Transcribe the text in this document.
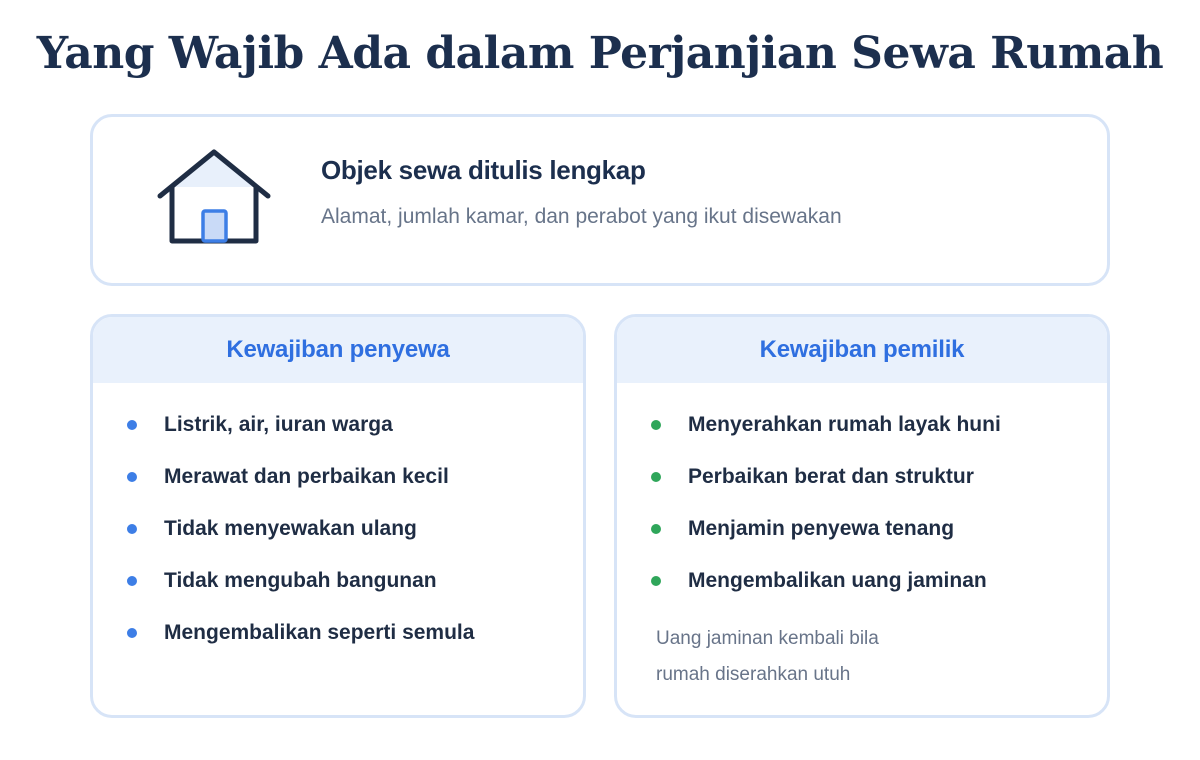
Yang Wajib Ada dalam Perjanjian Sewa Rumah
Objek sewa ditulis lengkap
Alamat, jumlah kamar, dan perabot yang ikut disewakan
Kewajiban penyewa
Listrik, air, iuran warga
Merawat dan perbaikan kecil
Tidak menyewakan ulang
Tidak mengubah bangunan
Mengembalikan seperti semula
Kewajiban pemilik
Menyerahkan rumah layak huni
Perbaikan berat dan struktur
Menjamin penyewa tenang
Mengembalikan uang jaminan
Uang jaminan kembali bila
rumah diserahkan utuh
